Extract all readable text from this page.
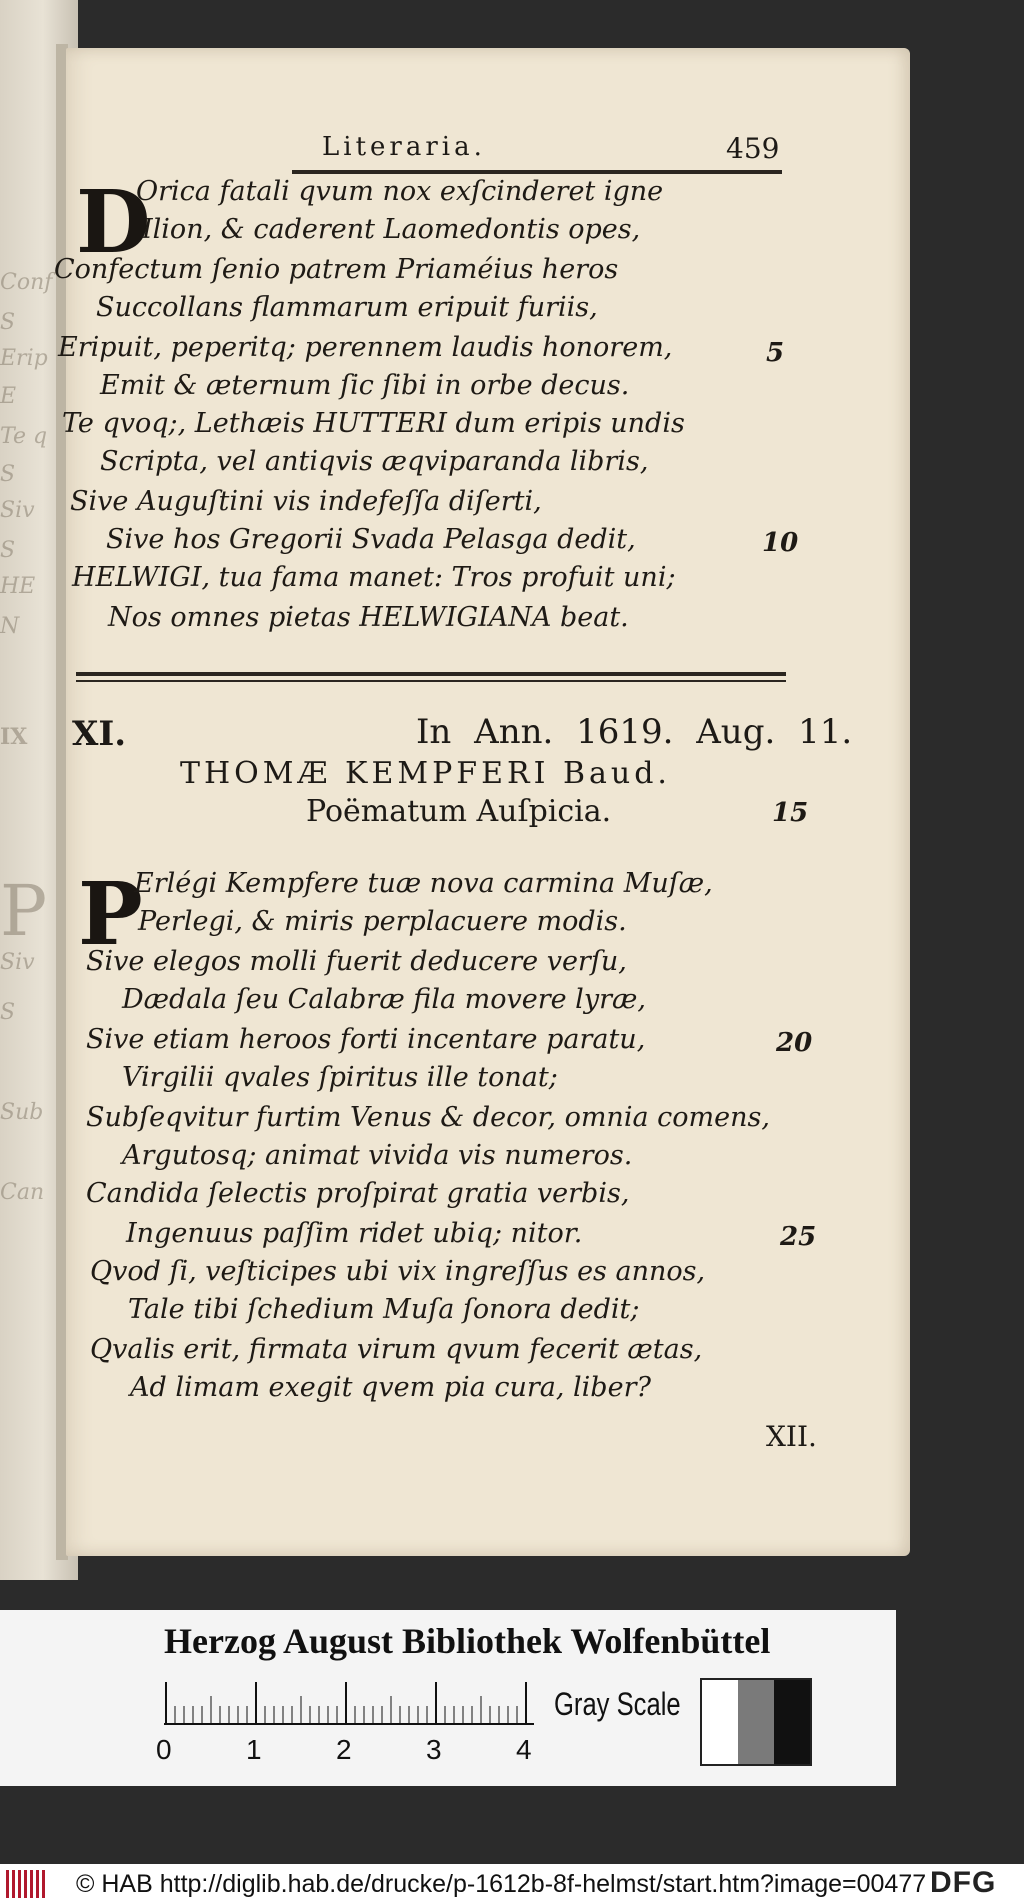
Conf
S
Erip
E
Te q
S
Siv
S
HE
N
IX
P
Siv
S
Sub
Can
Literaria.	459
D
Orica fatali qvum nox exſcinderet igne
Ilion, & caderent Laomedontis opes,
Confectum ſenio patrem Priaméius heros
Succollans flammarum eripuit furiis,
Eripuit, peperitq; perennem laudis honorem,	5
Emit & æternum ſic ſibi in orbe decus.
Te qvoq;, Lethæis HUTTERI dum eripis undis
Scripta, vel antiqvis æqviparanda libris,
Sive Auguſtini vis indefeſſa diſerti,
Sive hos Gregorii Svada Pelasga dedit,	10
HELWIGI, tua fama manet: Tros profuit uni;
Nos omnes pietas HELWIGIANA beat.
XI.	In Ann. 1619. Aug. 11.
THOMÆ KEMPFERI Baud.
Poëmatum Auſpicia.	15
P
Erlégi Kempfere tuæ nova carmina Muſæ,
Perlegi, & miris perplacuere modis.
Sive elegos molli fuerit deducere verſu,
Dædala ſeu Calabræ fila movere lyræ,
Sive etiam heroos forti incentare paratu,	20
Virgilii qvales ſpiritus ille tonat;
Subſeqvitur furtim Venus & decor, omnia comens,
Argutosq; animat vivida vis numeros.
Candida ſelectis proſpirat gratia verbis,
Ingenuus paſſim ridet ubiq; nitor.	25
Qvod ſi, veſticipes ubi vix ingreſſus es annos,
Tale tibi ſchedium Muſa ſonora dedit;
Qvalis erit, firmata virum qvum fecerit ætas,
Ad limam exegit qvem pia cura, liber?
XII.
Herzog August Bibliothek Wolfenbüttel
0	1	2	3	4
Gray Scale
© HAB http://diglib.hab.de/drucke/p-1612b-8f-helmst/start.htm?image=00477 DFG
